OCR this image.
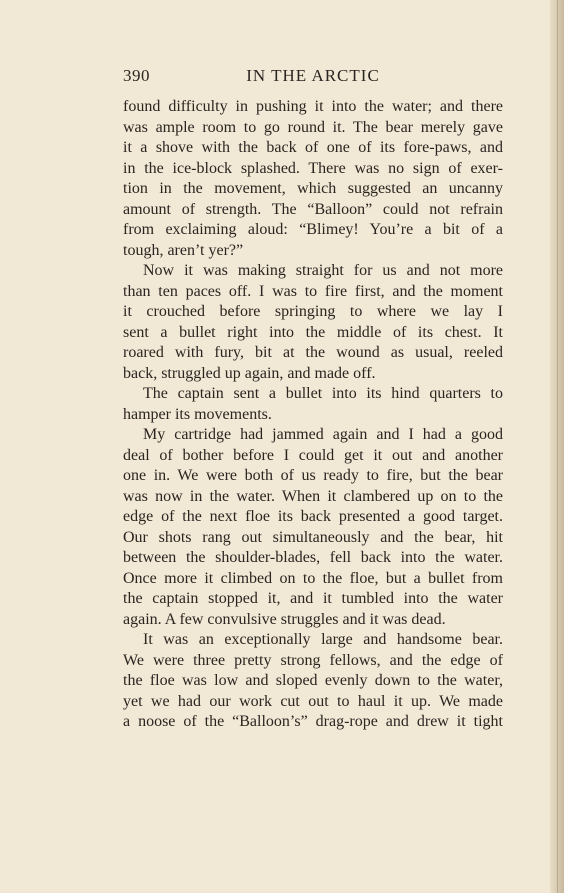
390	IN THE ARCTIC
found difficulty in pushing it into the water; and there
was ample room to go round it. The bear merely gave
it a shove with the back of one of its fore-paws, and
in the ice-block splashed. There was no sign of exer-
tion in the movement, which suggested an uncanny
amount of strength. The “Balloon” could not refrain
from exclaiming aloud: “Blimey! You’re a bit of a
tough, aren’t yer?”
Now it was making straight for us and not more
than ten paces off. I was to fire first, and the moment
it crouched before springing to where we lay I
sent a bullet right into the middle of its chest. It
roared with fury, bit at the wound as usual, reeled
back, struggled up again, and made off.
The captain sent a bullet into its hind quarters to
hamper its movements.
My cartridge had jammed again and I had a good
deal of bother before I could get it out and another
one in. We were both of us ready to fire, but the bear
was now in the water. When it clambered up on to the
edge of the next floe its back presented a good target.
Our shots rang out simultaneously and the bear, hit
between the shoulder-blades, fell back into the water.
Once more it climbed on to the floe, but a bullet from
the captain stopped it, and it tumbled into the water
again. A few convulsive struggles and it was dead.
It was an exceptionally large and handsome bear.
We were three pretty strong fellows, and the edge of
the floe was low and sloped evenly down to the water,
yet we had our work cut out to haul it up. We made
a noose of the “Balloon’s” drag-rope and drew it tight
